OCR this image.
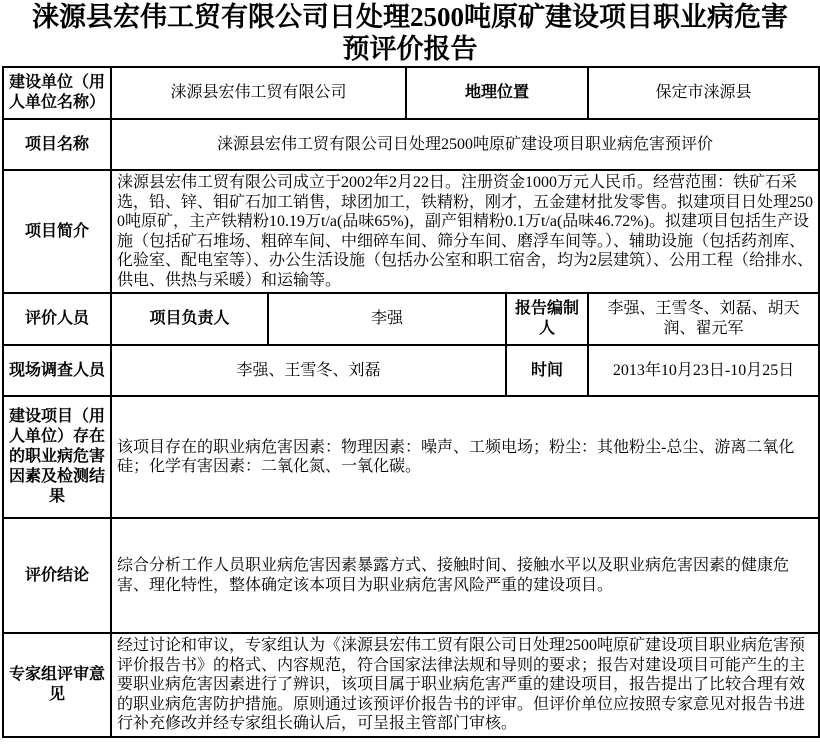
涞源县宏伟工贸有限公司日处理2500吨原矿建设项目职业病危害
预评价报告
建设单位（用人单位名称）	涞源县宏伟工贸有限公司		地理位置		保定市涞源县
项目名称	涞源县宏伟工贸有限公司日处理2500吨原矿建设项目职业病危害预评价				
项目简介	涞源县宏伟工贸有限公司成立于2002年2月22日。注册资金1000万元人民币。经营范围：铁矿石采选，铅、锌、钼矿石加工销售，球团加工，铁精粉，刚才，五金建材批发零售。拟建项目日处理2500吨原矿，主产铁精粉10.19万t/a(品味65%)，副产钼精粉0.1万t/a(品味46.72%)。拟建项目包括生产设施（包括矿石堆场、粗碎车间、中细碎车间、筛分车间、磨浮车间等。）、辅助设施（包括药剂库、化验室、配电室等）、办公生活设施（包括办公室和职工宿舍，均为2层建筑）、公用工程（给排水、供电、供热与采暖）和运输等。				
评价人员	项目负责人	李强		报告编制人	李强、王雪冬、刘磊、胡天润、翟元军
现场调查人员	李强、王雪冬、刘磊			时间	2013年10月23日-10月25日
建设项目（用人单位）存在的职业病危害因素及检测结果	该项目存在的职业病危害因素：物理因素：噪声、工频电场；粉尘：其他粉尘-总尘、游离二氧化硅；化学有害因素：二氧化氮、一氧化碳。				
评价结论	综合分析工作人员职业病危害因素暴露方式、接触时间、接触水平以及职业病危害因素的健康危害、理化特性，整体确定该本项目为职业病危害风险严重的建设项目。				
专家组评审意见	经过讨论和审议，专家组认为《涞源县宏伟工贸有限公司日处理2500吨原矿建设项目职业病危害预评价报告书》的格式、内容规范，符合国家法律法规和导则的要求；报告对建设项目可能产生的主要职业病危害因素进行了辨识，该项目属于职业病危害严重的建设项目，报告提出了比较合理有效的职业病危害防护措施。原则通过该预评价报告书的评审。但评价单位应按照专家意见对报告书进行补充修改并经专家组长确认后，可呈报主管部门审核。				
